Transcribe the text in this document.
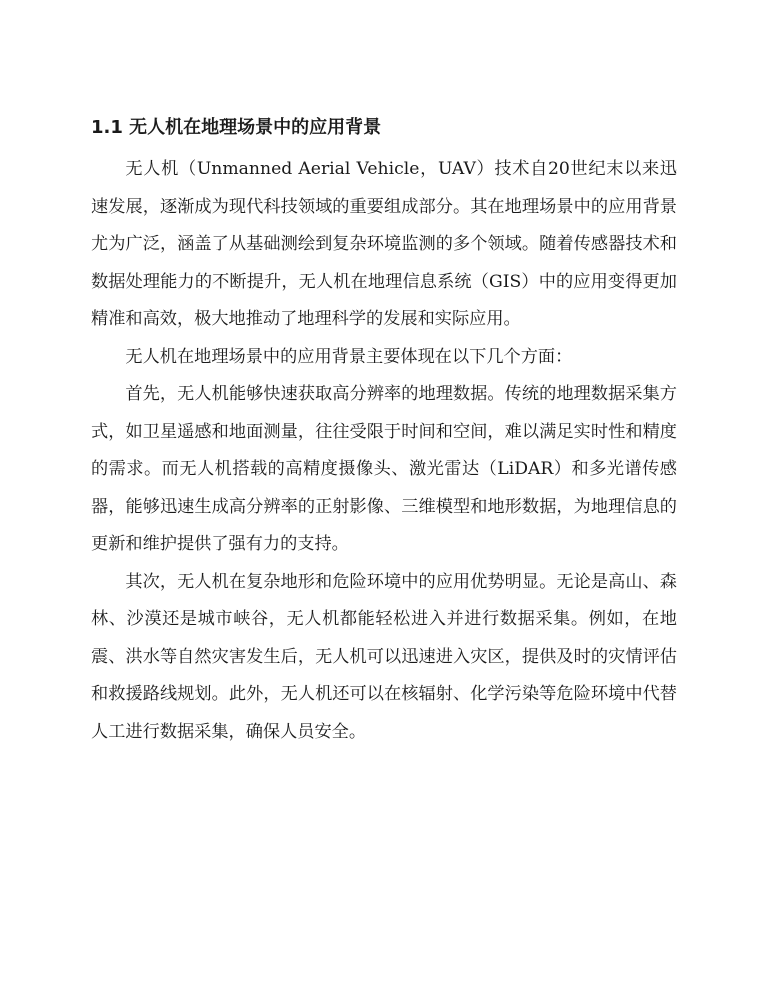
1.1 无人机在地理场景中的应用背景

无人机（Unmanned Aerial Vehicle，UAV）技术自20世纪末以来迅速发展，逐渐成为现代科技领域的重要组成部分。其在地理场景中的应用背景尤为广泛，涵盖了从基础测绘到复杂环境监测的多个领域。随着传感器技术和数据处理能力的不断提升，无人机在地理信息系统（GIS）中的应用变得更加精准和高效，极大地推动了地理科学的发展和实际应用。

无人机在地理场景中的应用背景主要体现在以下几个方面：

首先，无人机能够快速获取高分辨率的地理数据。传统的地理数据采集方式，如卫星遥感和地面测量，往往受限于时间和空间，难以满足实时性和精度的需求。而无人机搭载的高精度摄像头、激光雷达（LiDAR）和多光谱传感器，能够迅速生成高分辨率的正射影像、三维模型和地形数据，为地理信息的更新和维护提供了强有力的支持。

其次，无人机在复杂地形和危险环境中的应用优势明显。无论是高山、森林、沙漠还是城市峡谷，无人机都能轻松进入并进行数据采集。例如，在地震、洪水等自然灾害发生后，无人机可以迅速进入灾区，提供及时的灾情评估和救援路线规划。此外，无人机还可以在核辐射、化学污染等危险环境中代替人工进行数据采集，确保人员安全。
